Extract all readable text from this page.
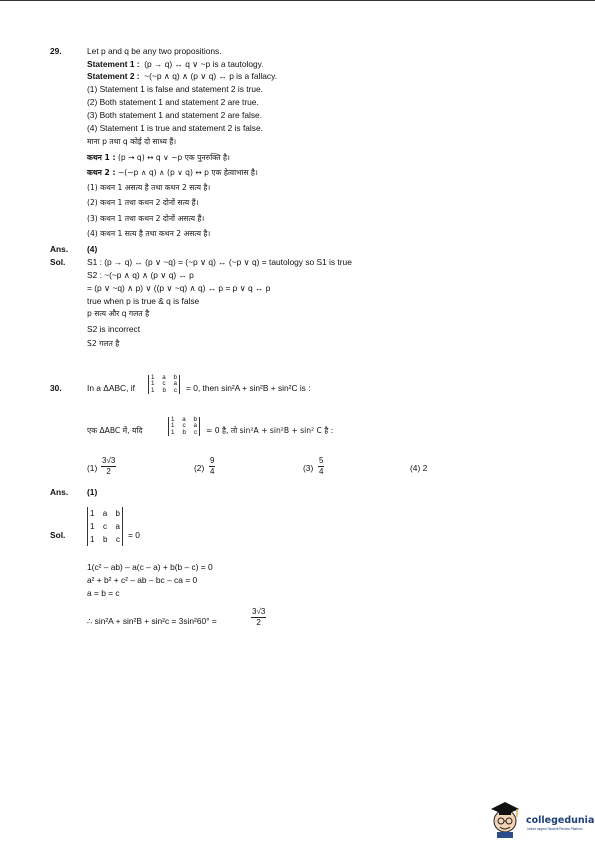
29.	Let p and q be any two propositions.
Statement 1 : (p → q) ↔ q ∨ ~p is a tautology.
Statement 2 : ~(~p ∧ q) ∧ (p ∨ q) ↔ p is a fallacy.
(1) Statement 1 is false and statement 2 is true.
(2) Both statement 1 and statement 2 are true.
(3) Both statement 1 and statement 2 are false.
(4) Statement 1 is true and statement 2 is false.
माना p तथा q कोई दो साध्य हैं।
कथन 1 : (p → q) ↔ q ∨ ~p एक पुनरुक्ति है।
कथन 2 : ~(~p ∧ q) ∧ (p ∨ q) ↔ p एक हेत्वाभास है।
(1) कथन 1 असत्य है तथा कथन 2 सत्य है।
(2) कथन 1 तथा कथन 2 दोनों सत्य हैं।
(3) कथन 1 तथा कथन 2 दोनों असत्य हैं।
(4) कथन 1 सत्य है तथा कथन 2 असत्य है।
Ans. (4)
Sol.	S1 : (p → q) ↔ (p ∨ ~q) = (~p ∨ q) ↔ (~p ∨ q) = tautology so S1 is true
S2 : ~(~p ∧ q) ∧ (p ∨ q) ↔ p
= (p ∨ ~q) ∧ p) ∨ ((p ∨ ~q) ∧ q) ↔ p = p ∨ q ↔ p
true when p is true & q is false
p सत्य और q गलत है
S2 is incorrect
S2 गलत है
30.	In a ΔABC, if
1 a b
1 c a
1 b c = 0, then sin²A + sin²B + sin²C is :
एक ΔABC में, यदि
1 a b
1 c a
1 b c = 0 है, तो sin²A + sin²B + sin² C है :
$(1) \frac{3√3}{2}$	$(2) \frac{9}{4}$	$(3) \frac{5}{4}$	(4) 2
Ans. (1)
Sol.
1 a b
1 c a
1 b c = 0
1(c² – ab) – a(c – a) + b(b – c) = 0
a² + b² + c² – ab – bc – ca = 0
a = b = c
∴ sin²A + sin²B + sin²c = 3sin²60° =	$\frac{3√3}{2}$
collegedunia
India's largest Student Review Platform
